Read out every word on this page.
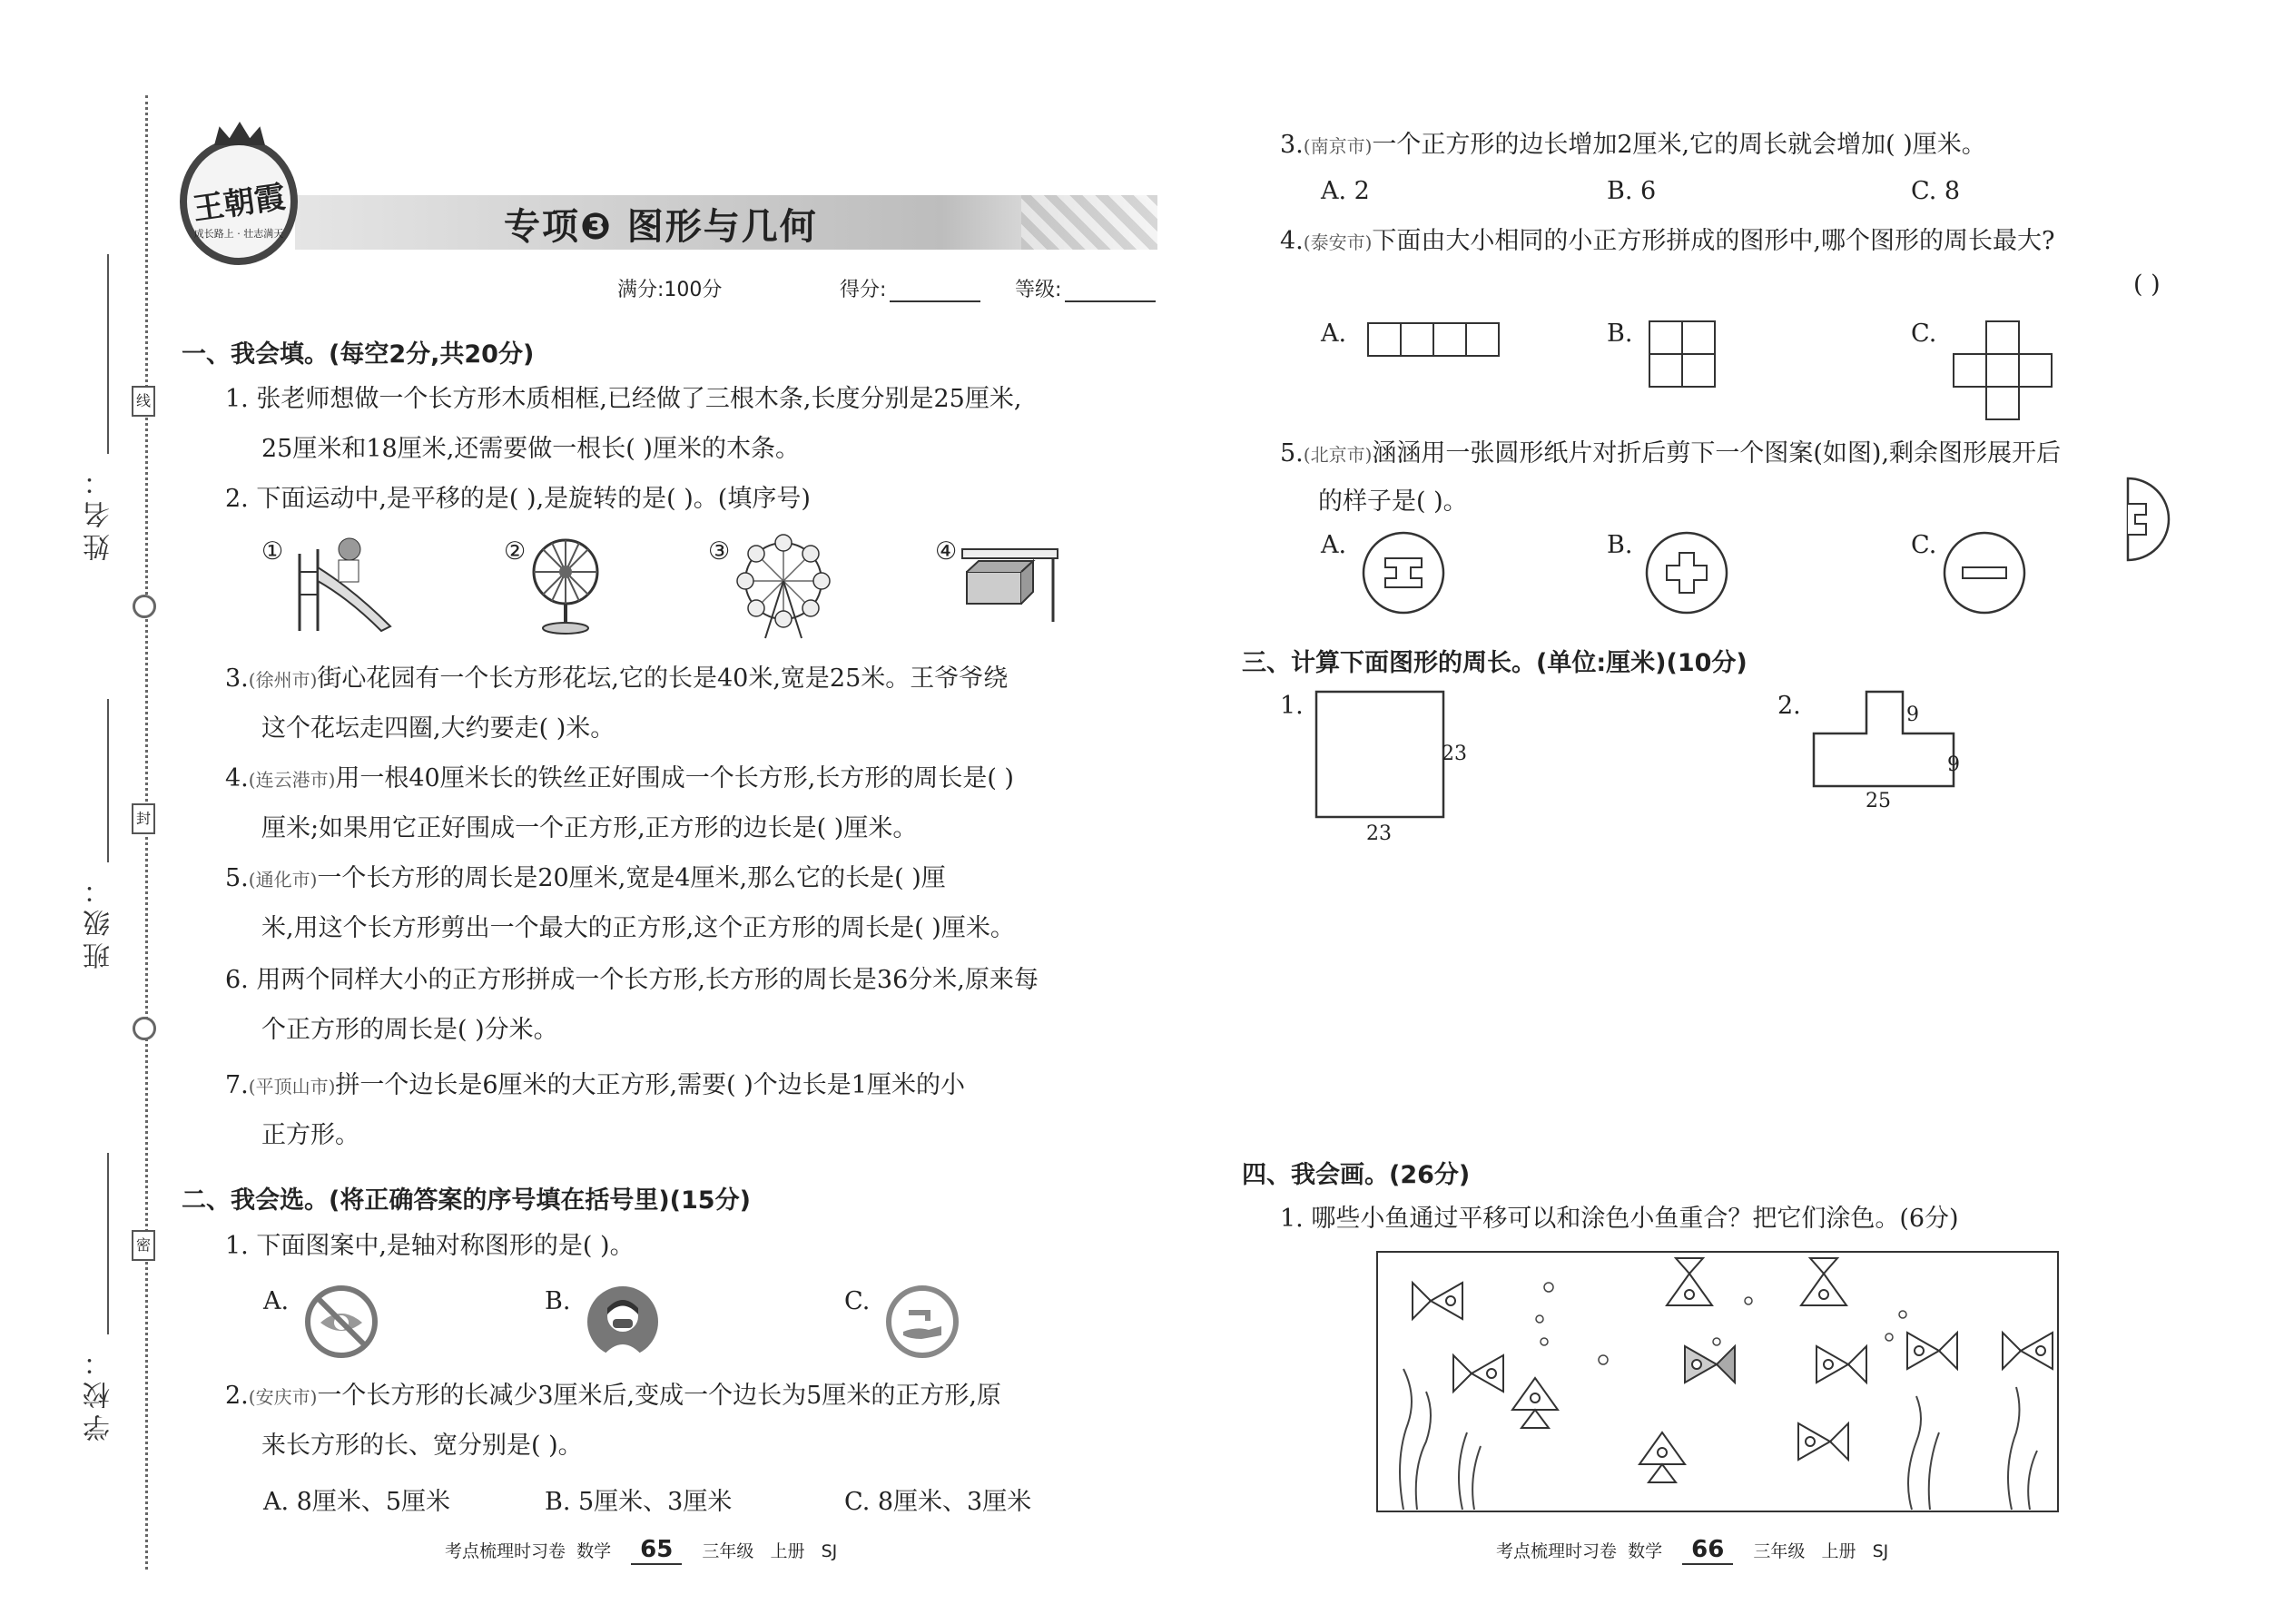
姓名：
班级：
学校：
线
封
密
王朝霞
成长路上 · 壮志满天	专项❸ 图形与几何
满分:100分	得分:	等级:
一、我会填。(每空2分,共20分)
1. 张老师想做一个长方形木质相框,已经做了三根木条,长度分别是25厘米,
25厘米和18厘米,还需要做一根长( )厘米的木条。
2. 下面运动中,是平移的是( ),是旋转的是( )。(填序号)
①	②	③	④
3.(徐州市)街心花园有一个长方形花坛,它的长是40米,宽是25米。王爷爷绕
这个花坛走四圈,大约要走( )米。
4.(连云港市)用一根40厘米长的铁丝正好围成一个长方形,长方形的周长是( )
厘米;如果用它正好围成一个正方形,正方形的边长是( )厘米。
5.(通化市)一个长方形的周长是20厘米,宽是4厘米,那么它的长是( )厘
米,用这个长方形剪出一个最大的正方形,这个正方形的周长是( )厘米。
6. 用两个同样大小的正方形拼成一个长方形,长方形的周长是36分米,原来每
个正方形的周长是( )分米。
7.(平顶山市)拼一个边长是6厘米的大正方形,需要( )个边长是1厘米的小
正方形。
二、我会选。(将正确答案的序号填在括号里)(15分)
1. 下面图案中,是轴对称图形的是( )。
A.	B.	C.
2.(安庆市)一个长方形的长减少3厘米后,变成一个边长为5厘米的正方形,原
来长方形的长、宽分别是( )。
A. 8厘米、5厘米	B. 5厘米、3厘米	C. 8厘米、3厘米
考点梳理时习卷 数学 65 三年级 上册 SJ
3.(南京市)一个正方形的边长增加2厘米,它的周长就会增加( )厘米。
A. 2	B. 6	C. 8
4.(泰安市)下面由大小相同的小正方形拼成的图形中,哪个图形的周长最大?
( )
A.	B.	C.
5.(北京市)涵涵用一张圆形纸片对折后剪下一个图案(如图),剩余图形展开后
的样子是( )。
A.	B.	C.
三、计算下面图形的周长。(单位:厘米)(10分)
1.
23
23
2.	9
9
25
四、我会画。(26分)
1. 哪些小鱼通过平移可以和涂色小鱼重合？把它们涂色。(6分)
考点梳理时习卷 数学 66 三年级 上册 SJ
